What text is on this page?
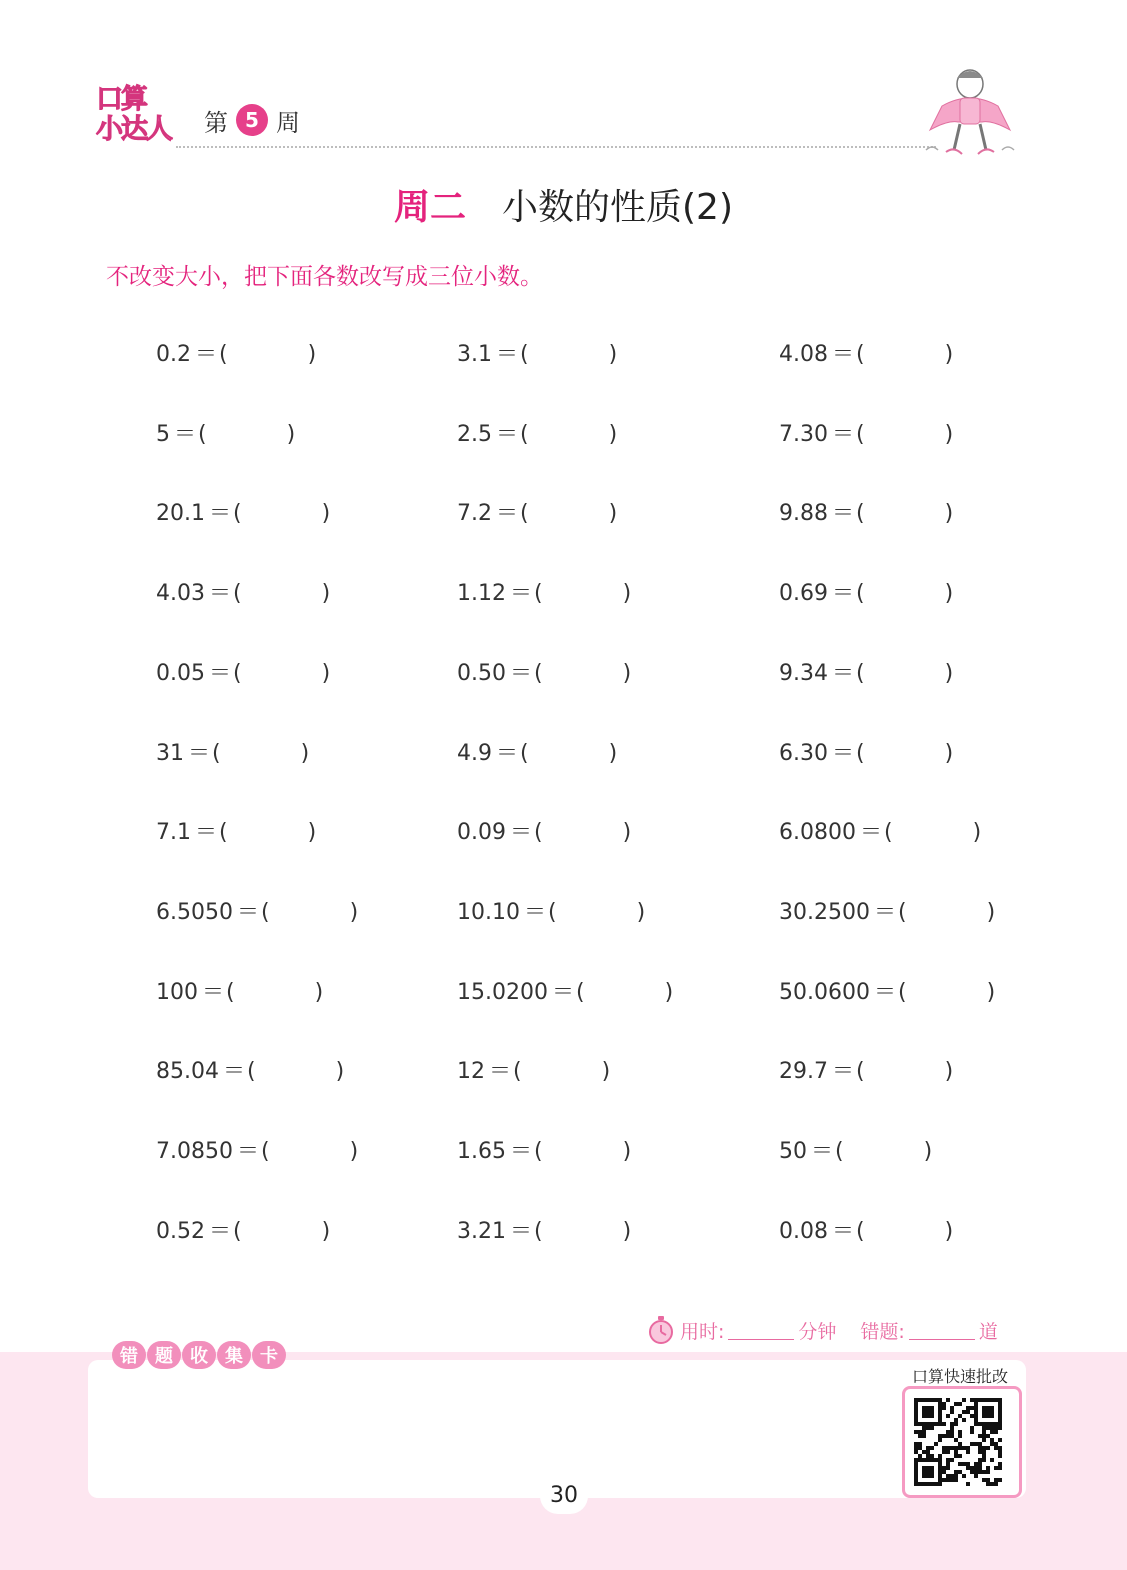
口算
小达人 第 5 周
周二 小数的性质(2)
不改变大小，把下面各数改写成三位小数。
0.2 ＝(	)	3.1 ＝(	)	4.08 ＝(	)
5 ＝(	)	2.5 ＝(	)	7.30 ＝(	)
20.1 ＝(	)	7.2 ＝(	)	9.88 ＝(	)
4.03 ＝(	)	1.12 ＝(	)	0.69 ＝(	)
0.05 ＝(	)	0.50 ＝(	)	9.34 ＝(	)
31 ＝(	)	4.9 ＝(	)	6.30 ＝(	)
7.1 ＝(	)	0.09 ＝(	)	6.0800 ＝(	)
6.5050 ＝(	)	10.10 ＝(	)	30.2500 ＝(	)
100 ＝(	)	15.0200 ＝(	)	50.0600 ＝(	)
85.04 ＝(	)	12 ＝(	)	29.7 ＝(	)
7.0850 ＝(	)	1.65 ＝(	)	50 ＝(	)
0.52 ＝(	)	3.21 ＝(	)	0.08 ＝(	)
用时:	分钟 错题:	道
错 题 收 集 卡
口算快速批改
30
